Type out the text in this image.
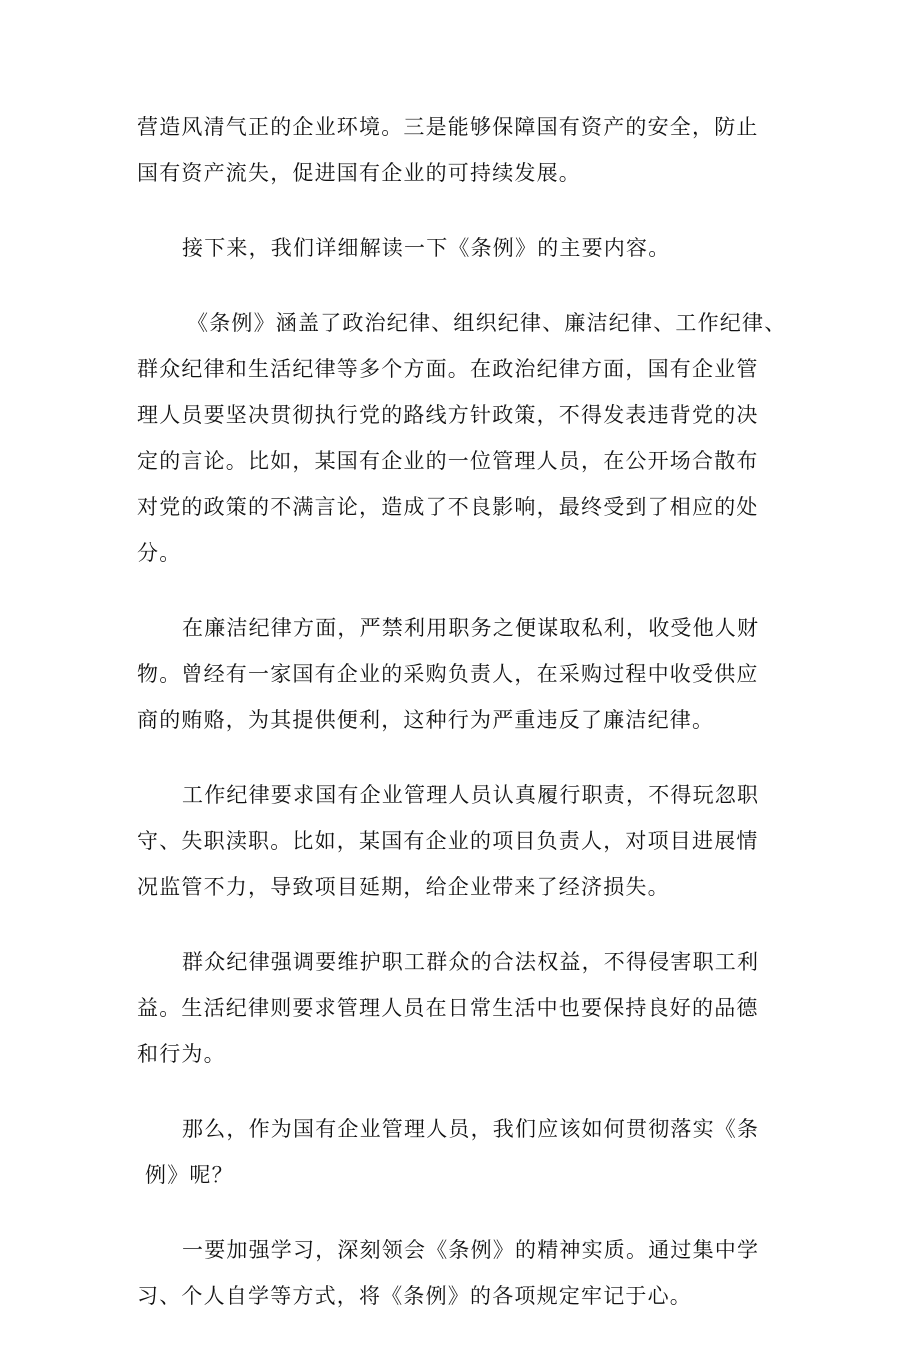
营造风清气正的企业环境。三是能够保障国有资产的安全，防止
国有资产流失，促进国有企业的可持续发展。

接下来，我们详细解读一下《条例》的主要内容。

《条例》涵盖了政治纪律、组织纪律、廉洁纪律、工作纪律、
群众纪律和生活纪律等多个方面。在政治纪律方面，国有企业管
理人员要坚决贯彻执行党的路线方针政策，不得发表违背党的决
定的言论。比如，某国有企业的一位管理人员，在公开场合散布
对党的政策的不满言论，造成了不良影响，最终受到了相应的处
分。

在廉洁纪律方面，严禁利用职务之便谋取私利，收受他人财
物。曾经有一家国有企业的采购负责人，在采购过程中收受供应
商的贿赂，为其提供便利，这种行为严重违反了廉洁纪律。

工作纪律要求国有企业管理人员认真履行职责，不得玩忽职
守、失职渎职。比如，某国有企业的项目负责人，对项目进展情
况监管不力，导致项目延期，给企业带来了经济损失。

群众纪律强调要维护职工群众的合法权益，不得侵害职工利
益。生活纪律则要求管理人员在日常生活中也要保持良好的品德
和行为。

那么，作为国有企业管理人员，我们应该如何贯彻落实《条
例》呢？

一要加强学习，深刻领会《条例》的精神实质。通过集中学
习、个人自学等方式，将《条例》的各项规定牢记于心。
